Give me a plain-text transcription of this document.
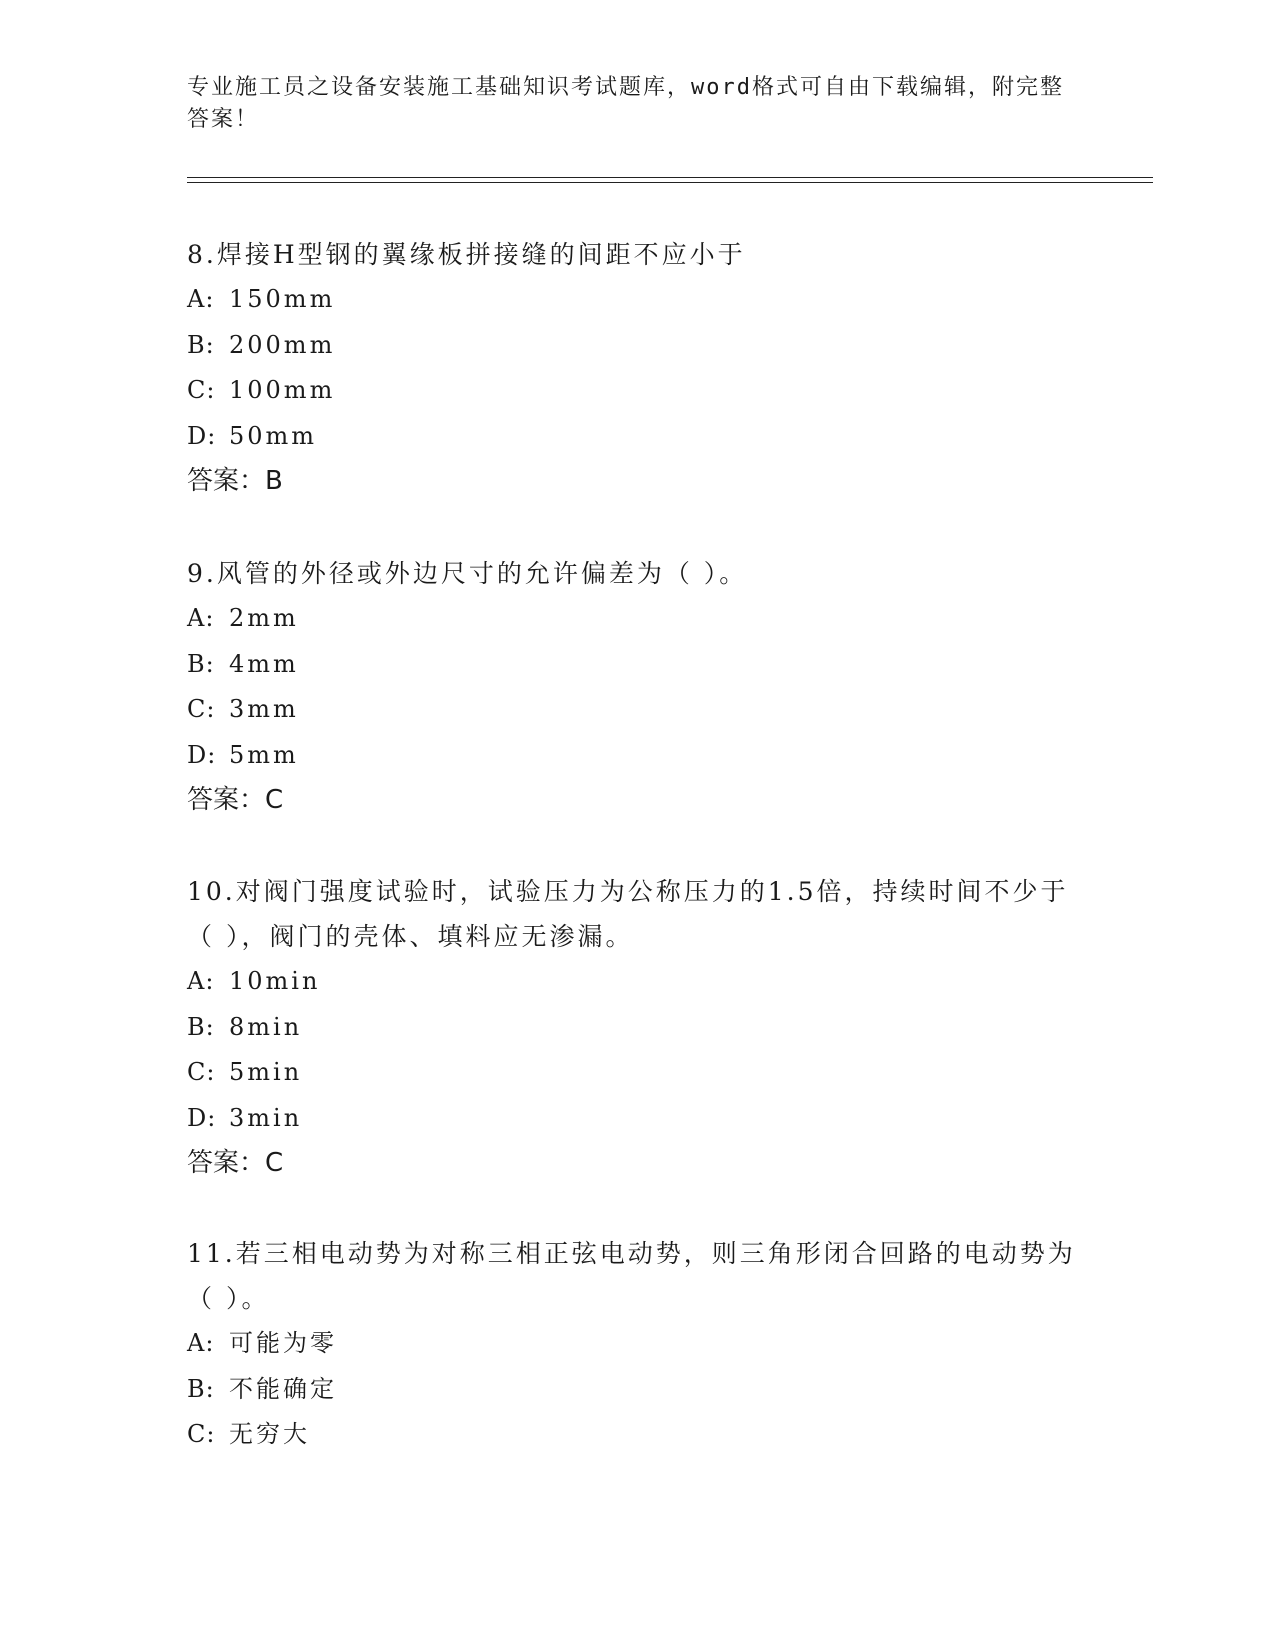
专业施工员之设备安装施工基础知识考试题库，word格式可自由下载编辑，附完整答案！
8.焊接H型钢的翼缘板拼接缝的间距不应小于
A: 150mm
B: 200mm
C: 100mm
D: 50mm
答案：B
9.风管的外径或外边尺寸的允许偏差为（ ）。
A: 2mm
B: 4mm
C: 3mm
D: 5mm
答案：C
10.对阀门强度试验时，试验压力为公称压力的1.5倍，持续时间不少于（ ），阀门的壳体、填料应无渗漏。
A: 10min
B: 8min
C: 5min
D: 3min
答案：C
11.若三相电动势为对称三相正弦电动势，则三角形闭合回路的电动势为（ ）。
A: 可能为零
B: 不能确定
C: 无穷大
